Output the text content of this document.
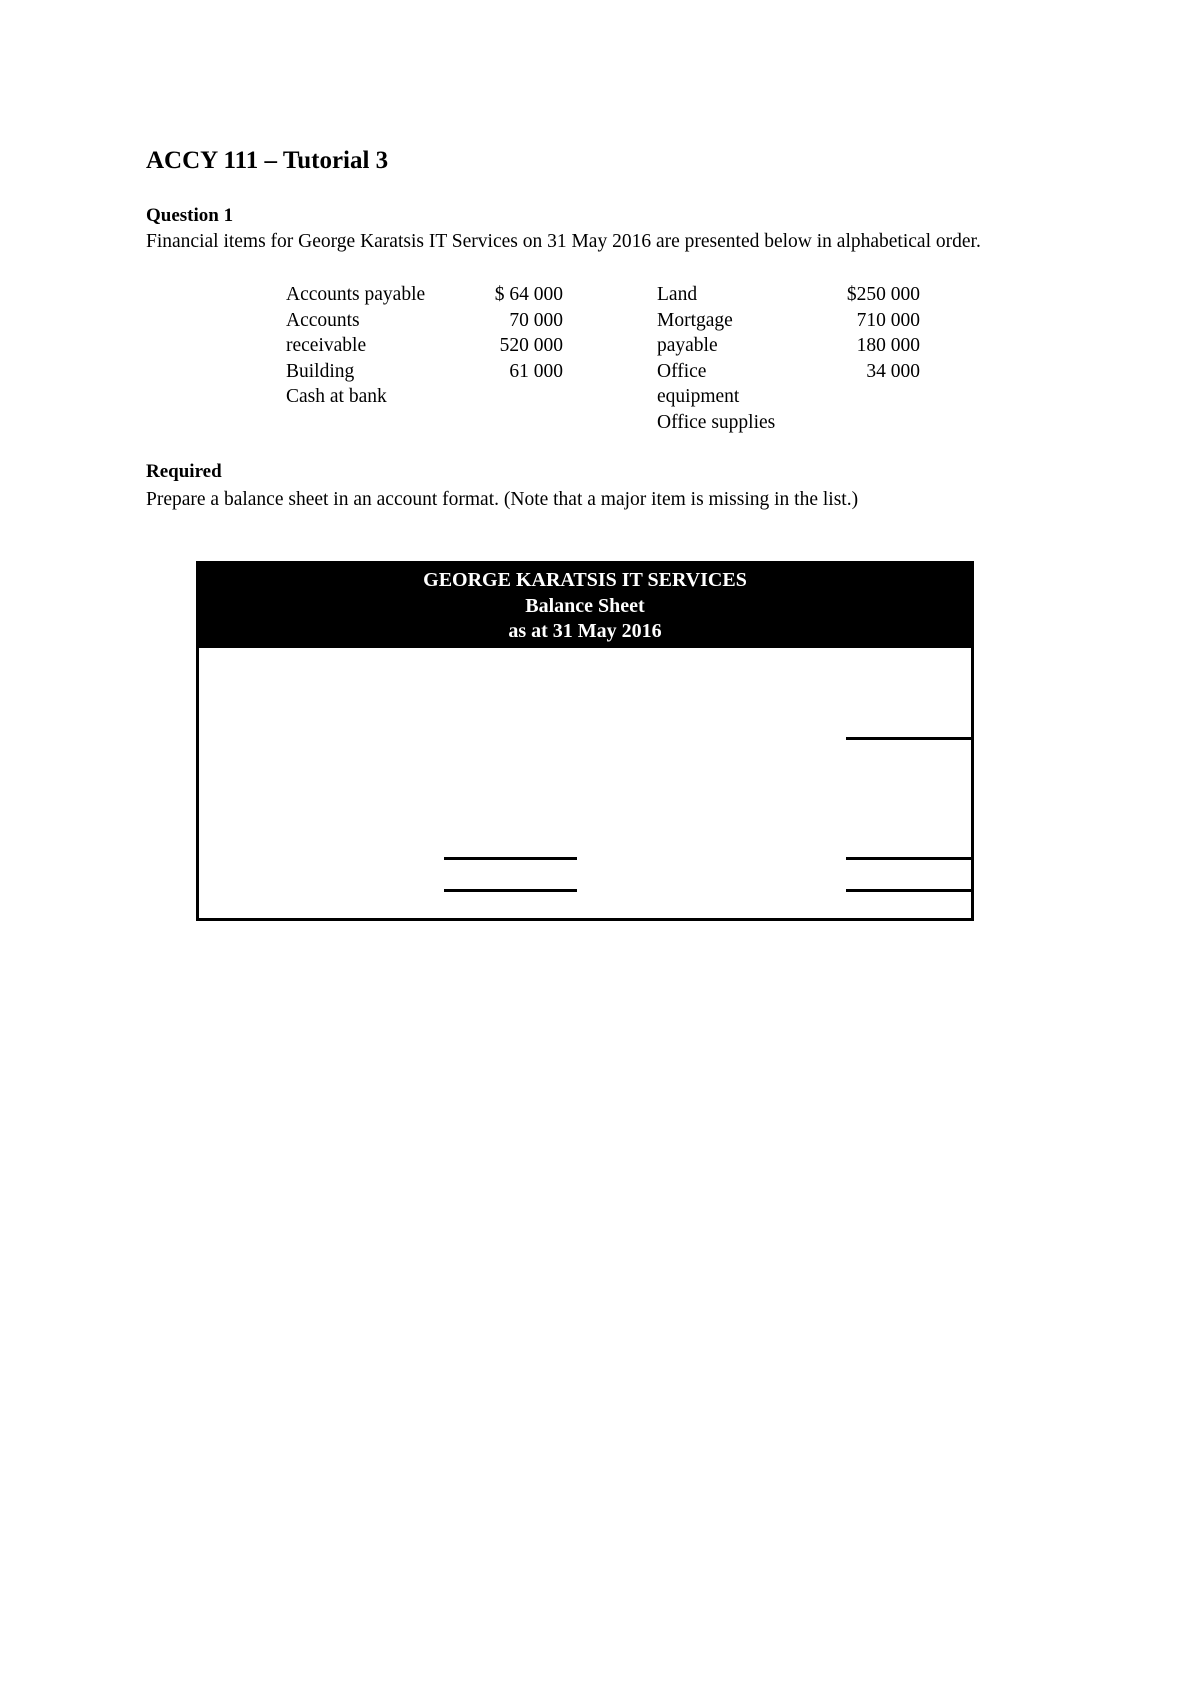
ACCY 111 – Tutorial 3
Question 1
Financial items for George Karatsis IT Services on 31 May 2016 are presented below in alphabetical order.
Accounts payable
Accounts
receivable
Building
Cash at bank
$ 64 000
70 000
520 000
61 000
Land
Mortgage
payable
Office
equipment
Office supplies
$250 000
710 000
180 000
34 000
Required
Prepare a balance sheet in an account format. (Note that a major item is missing in the list.)
GEORGE KARATSIS IT SERVICES
Balance Sheet
as at 31 May 2016
